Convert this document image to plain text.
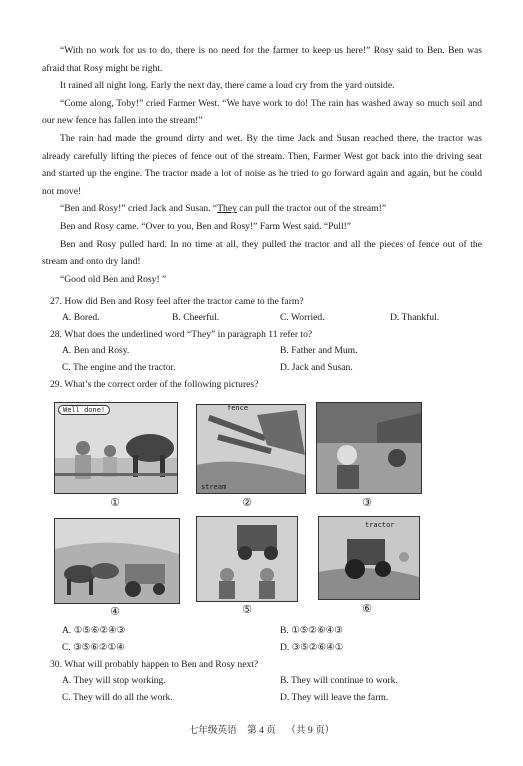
“With no work for us to do, there is no need for the farmer to keep us here!” Rosy said to Ben. Ben was afraid that Rosy might be right.

It rained all night long. Early the next day, there came a loud cry from the yard outside.

“Come along, Toby!” cried Farmer West. “We have work to do! The rain has washed away so much soil and our new fence has fallen into the stream!”

The rain had made the ground dirty and wet. By the time Jack and Susan reached there, the tractor was already carefully lifting the pieces of fence out of the stream. Then, Farmer West got back into the driving seat and started up the engine. The tractor made a lot of noise as he tried to go forward again and again, but he could not move!

“Ben and Rosy!” cried Jack and Susan. “They can pull the tractor out of the stream!”

Ben and Rosy came. “Over to you, Ben and Rosy!” Farm West said. “Pull!”

Ben and Rosy pulled hard. In no time at all, they pulled the tractor and all the pieces of fence out of the stream and onto dry land!

“Good old Ben and Rosy! ”

27. How did Ben and Rosy feel after the tractor came to the farm?
A. Bored.	B. Cheerful.	C. Worried.	D. Thankful.
28. What does the underlined word “They” in paragraph 11 refer to?
A. Ben and Rosy.	B. Father and Mum.
C. The engine and the tractor.	D. Jack and Susan.
29. What’s the correct order of the following pictures?
Well done!
①
fence
stream
②	③
④	⑤
tractor
⑥
A. ①⑤⑥②④③	B. ①⑤②⑥④③
C. ③⑤⑥②①④	D. ③⑤②⑥④①
30. What will probably happen to Ben and Rosy next?
A. They will stop working.	B. They will continue to work.
C. They will do all the work.	D. They will leave the farm.
七年级英语 第 4 页 （共 9 页）
